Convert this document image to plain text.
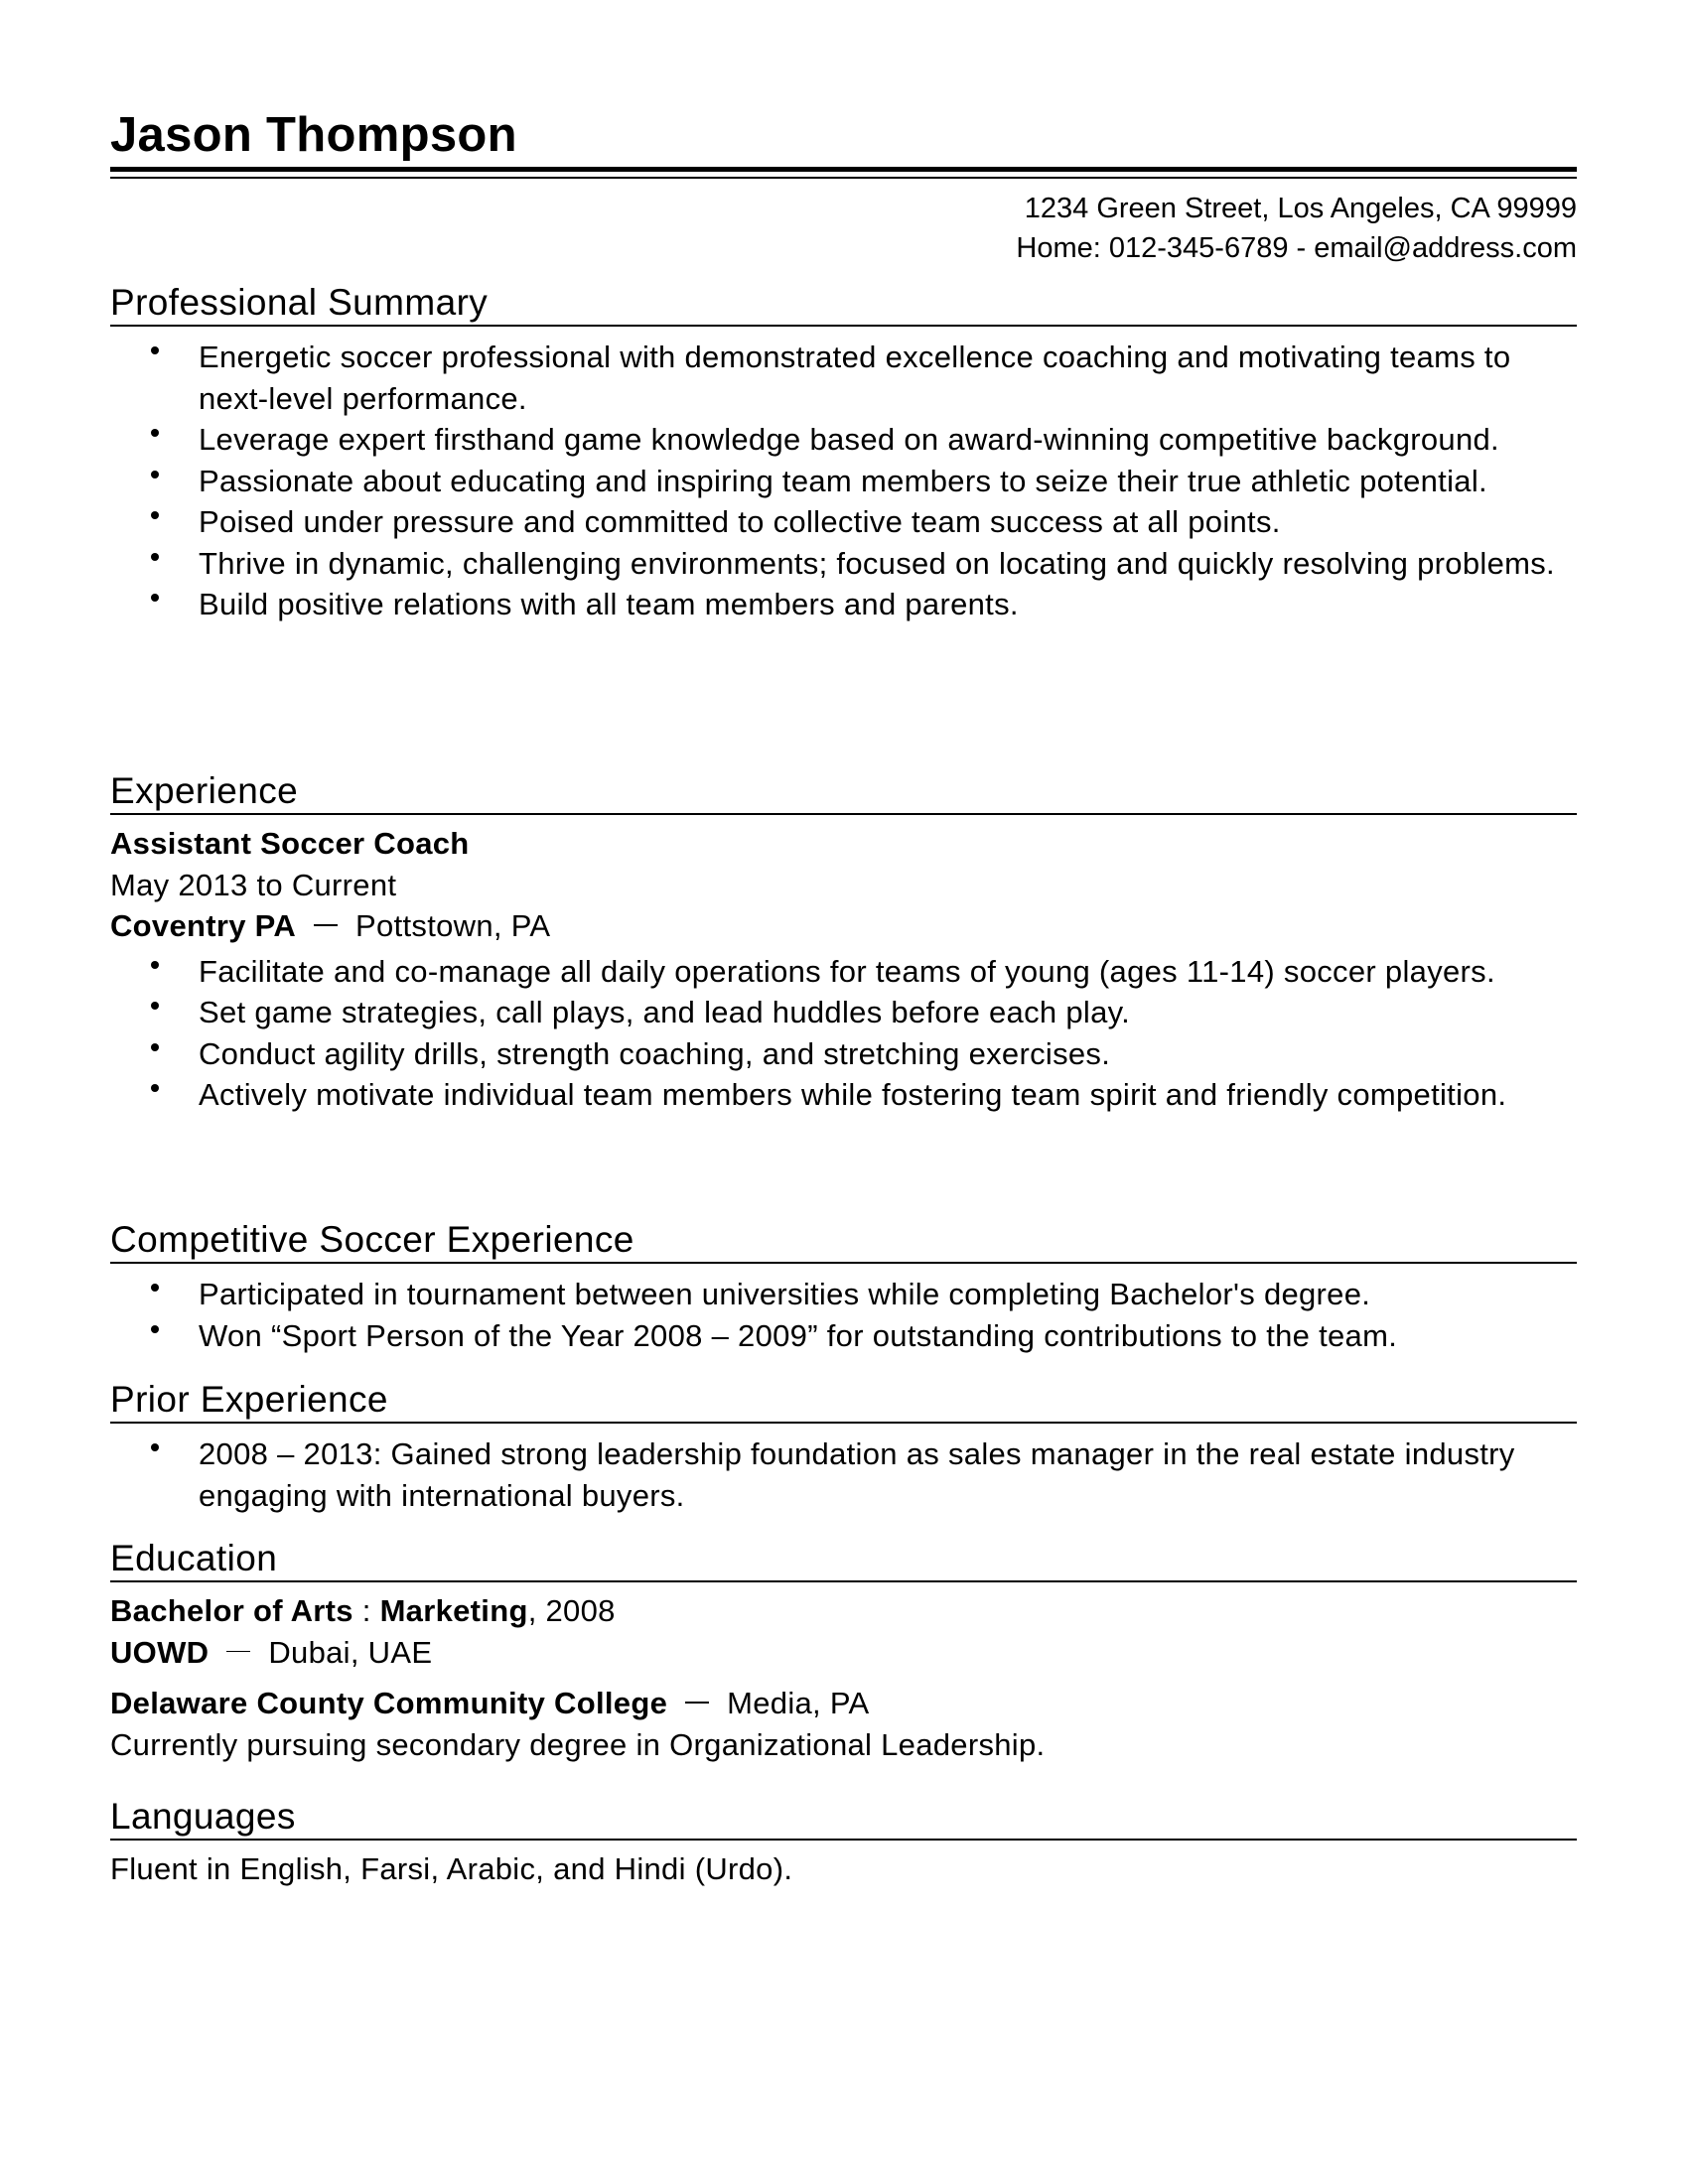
Jason Thompson
1234 Green Street, Los Angeles, CA 99999
Home: 012-345-6789 - email@address.com
Professional Summary
Energetic soccer professional with demonstrated excellence coaching and motivating teams to next-level performance.
Leverage expert firsthand game knowledge based on award-winning competitive background.
Passionate about educating and inspiring team members to seize their true athletic potential.
Poised under pressure and committed to collective team success at all points.
Thrive in dynamic, challenging environments; focused on locating and quickly resolving problems.
Build positive relations with all team members and parents.
Experience
Assistant Soccer Coach
May 2013 to Current
Coventry PA Pottstown, PA
Facilitate and co-manage all daily operations for teams of young (ages 11-14) soccer players.
Set game strategies, call plays, and lead huddles before each play.
Conduct agility drills, strength coaching, and stretching exercises.
Actively motivate individual team members while fostering team spirit and friendly competition.
Competitive Soccer Experience
Participated in tournament between universities while completing Bachelor's degree.
Won “Sport Person of the Year 2008 – 2009” for outstanding contributions to the team.
Prior Experience
2008 – 2013: Gained strong leadership foundation as sales manager in the real estate industry engaging with international buyers.
Education
Bachelor of Arts : Marketing, 2008
UOWD Dubai, UAE
Delaware County Community College Media, PA
Currently pursuing secondary degree in Organizational Leadership.
Languages
Fluent in English, Farsi, Arabic, and Hindi (Urdo).
